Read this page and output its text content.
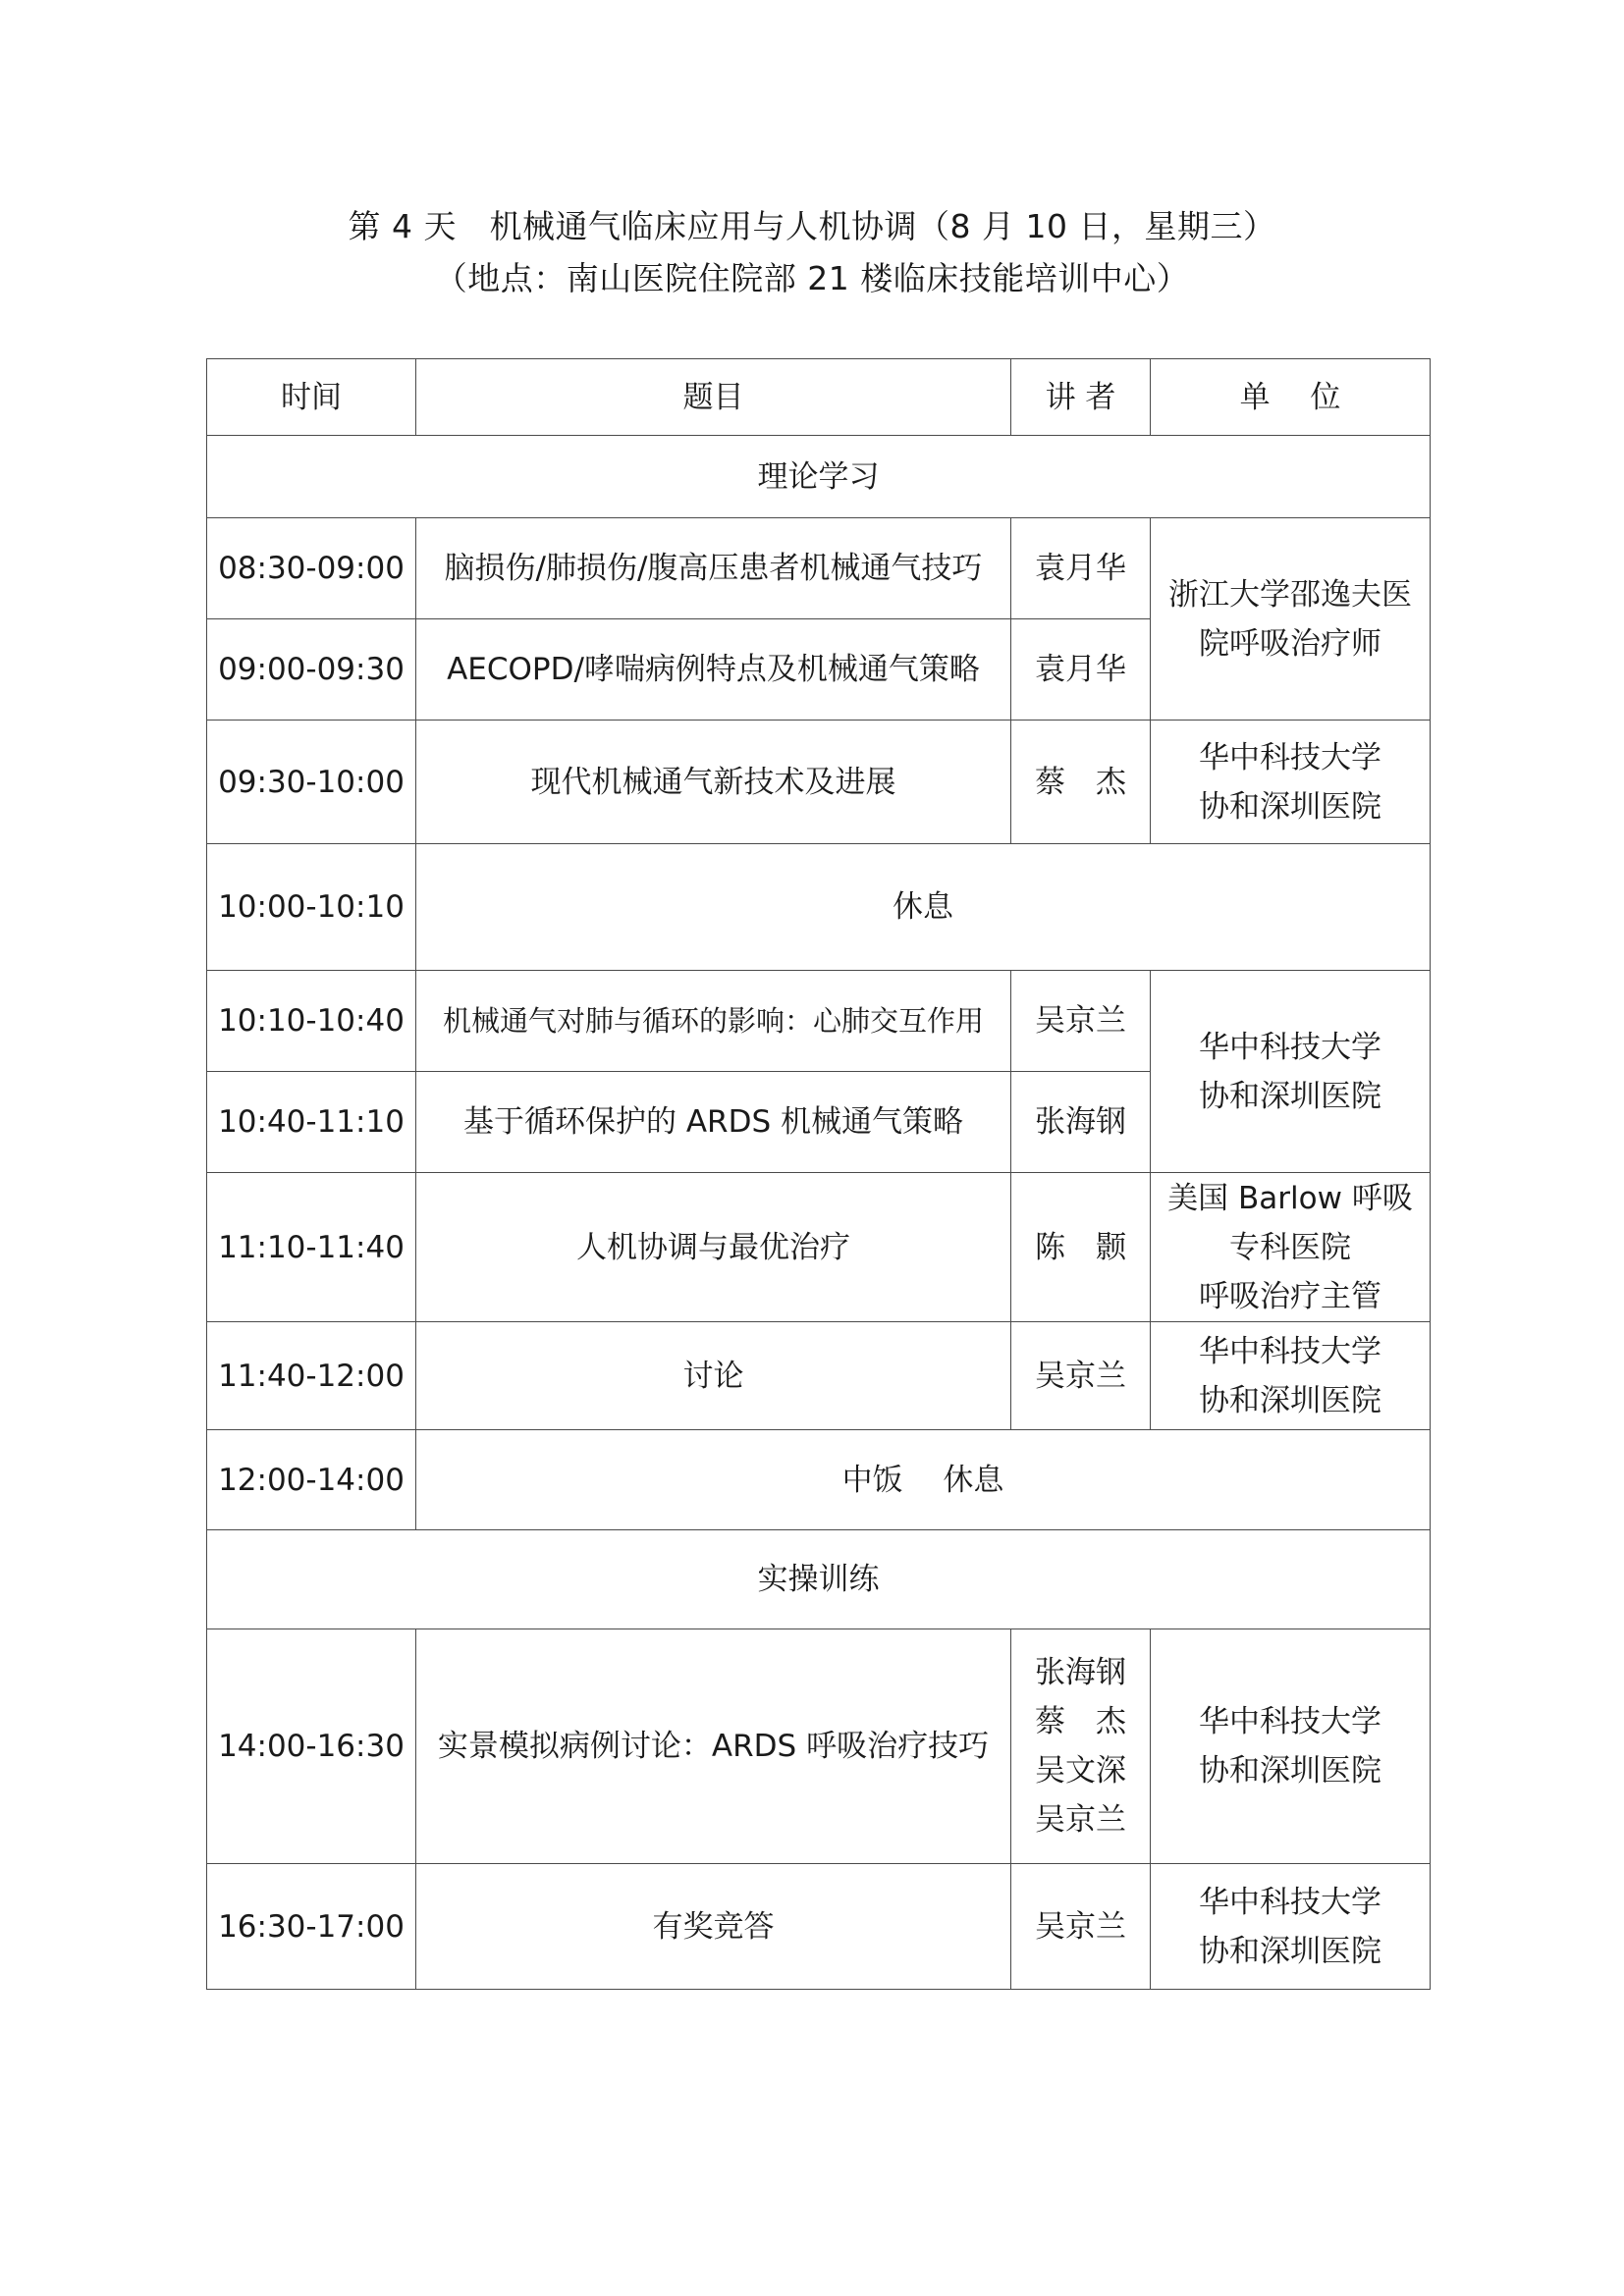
第 4 天　机械通气临床应用与人机协调（8 月 10 日，星期三）
（地点：南山医院住院部 21 楼临床技能培训中心）
时间	题目	讲 者	单　 位
理论学习			
08:30-09:00	脑损伤/肺损伤/腹高压患者机械通气技巧	袁月华	浙江大学邵逸夫医院呼吸治疗师
09:00-09:30	AECOPD/哮喘病例特点及机械通气策略	袁月华	
09:30-10:00	现代机械通气新技术及进展	蔡　杰	华中科技大学
协和深圳医院
10:00-10:10	休息		
10:10-10:40	机械通气对肺与循环的影响：心肺交互作用	吴京兰	华中科技大学
协和深圳医院
10:40-11:10	基于循环保护的 ARDS 机械通气策略	张海钢	
11:10-11:40	人机协调与最优治疗	陈　颢	美国 Barlow 呼吸
专科医院
呼吸治疗主管
11:40-12:00	讨论	吴京兰	华中科技大学
协和深圳医院
12:00-14:00	中饭　 休息		
实操训练			
14:00-16:30	实景模拟病例讨论：ARDS 呼吸治疗技巧	张海钢
蔡　杰
吴文深
吴京兰	华中科技大学
协和深圳医院
16:30-17:00	有奖竞答	吴京兰	华中科技大学
协和深圳医院
